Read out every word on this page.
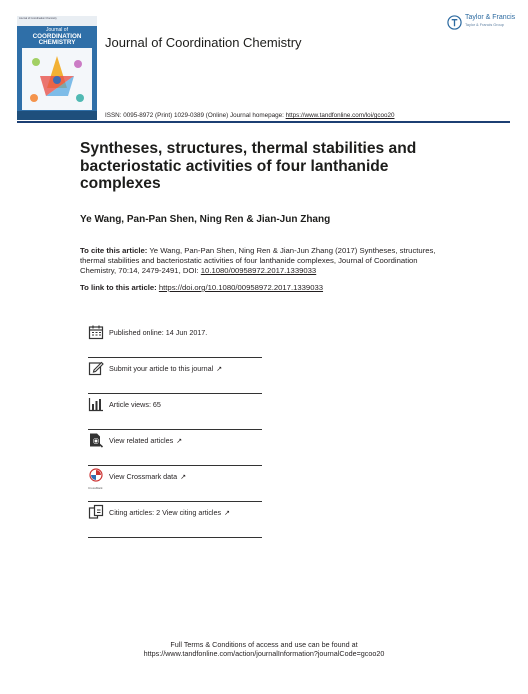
Journal of Coordination Chemistry
Journal of
COORDINATION
CHEMISTRY	Journal of Coordination Chemistry
Taylor & Francis
Taylor & Francis Group
ISSN: 0095-8972 (Print) 1029-0389 (Online) Journal homepage: https://www.tandfonline.com/loi/gcoo20
Syntheses, structures, thermal stabilities and bacteriostatic activities of four lanthanide complexes
Ye Wang, Pan-Pan Shen, Ning Ren & Jian-Jun Zhang
To cite this article: Ye Wang, Pan-Pan Shen, Ning Ren & Jian-Jun Zhang (2017) Syntheses, structures, thermal stabilities and bacteriostatic activities of four lanthanide complexes, Journal of Coordination Chemistry, 70:14, 2479-2491, DOI: 10.1080/00958972.2017.1339033
To link to this article: https://doi.org/10.1080/00958972.2017.1339033
Published online: 14 Jun 2017.
Submit your article to this journal ↗
Article views: 65
View related articles ↗
CrossMark
View Crossmark data ↗
Citing articles: 2 View citing articles ↗
Full Terms & Conditions of access and use can be found at
https://www.tandfonline.com/action/journalInformation?journalCode=gcoo20
